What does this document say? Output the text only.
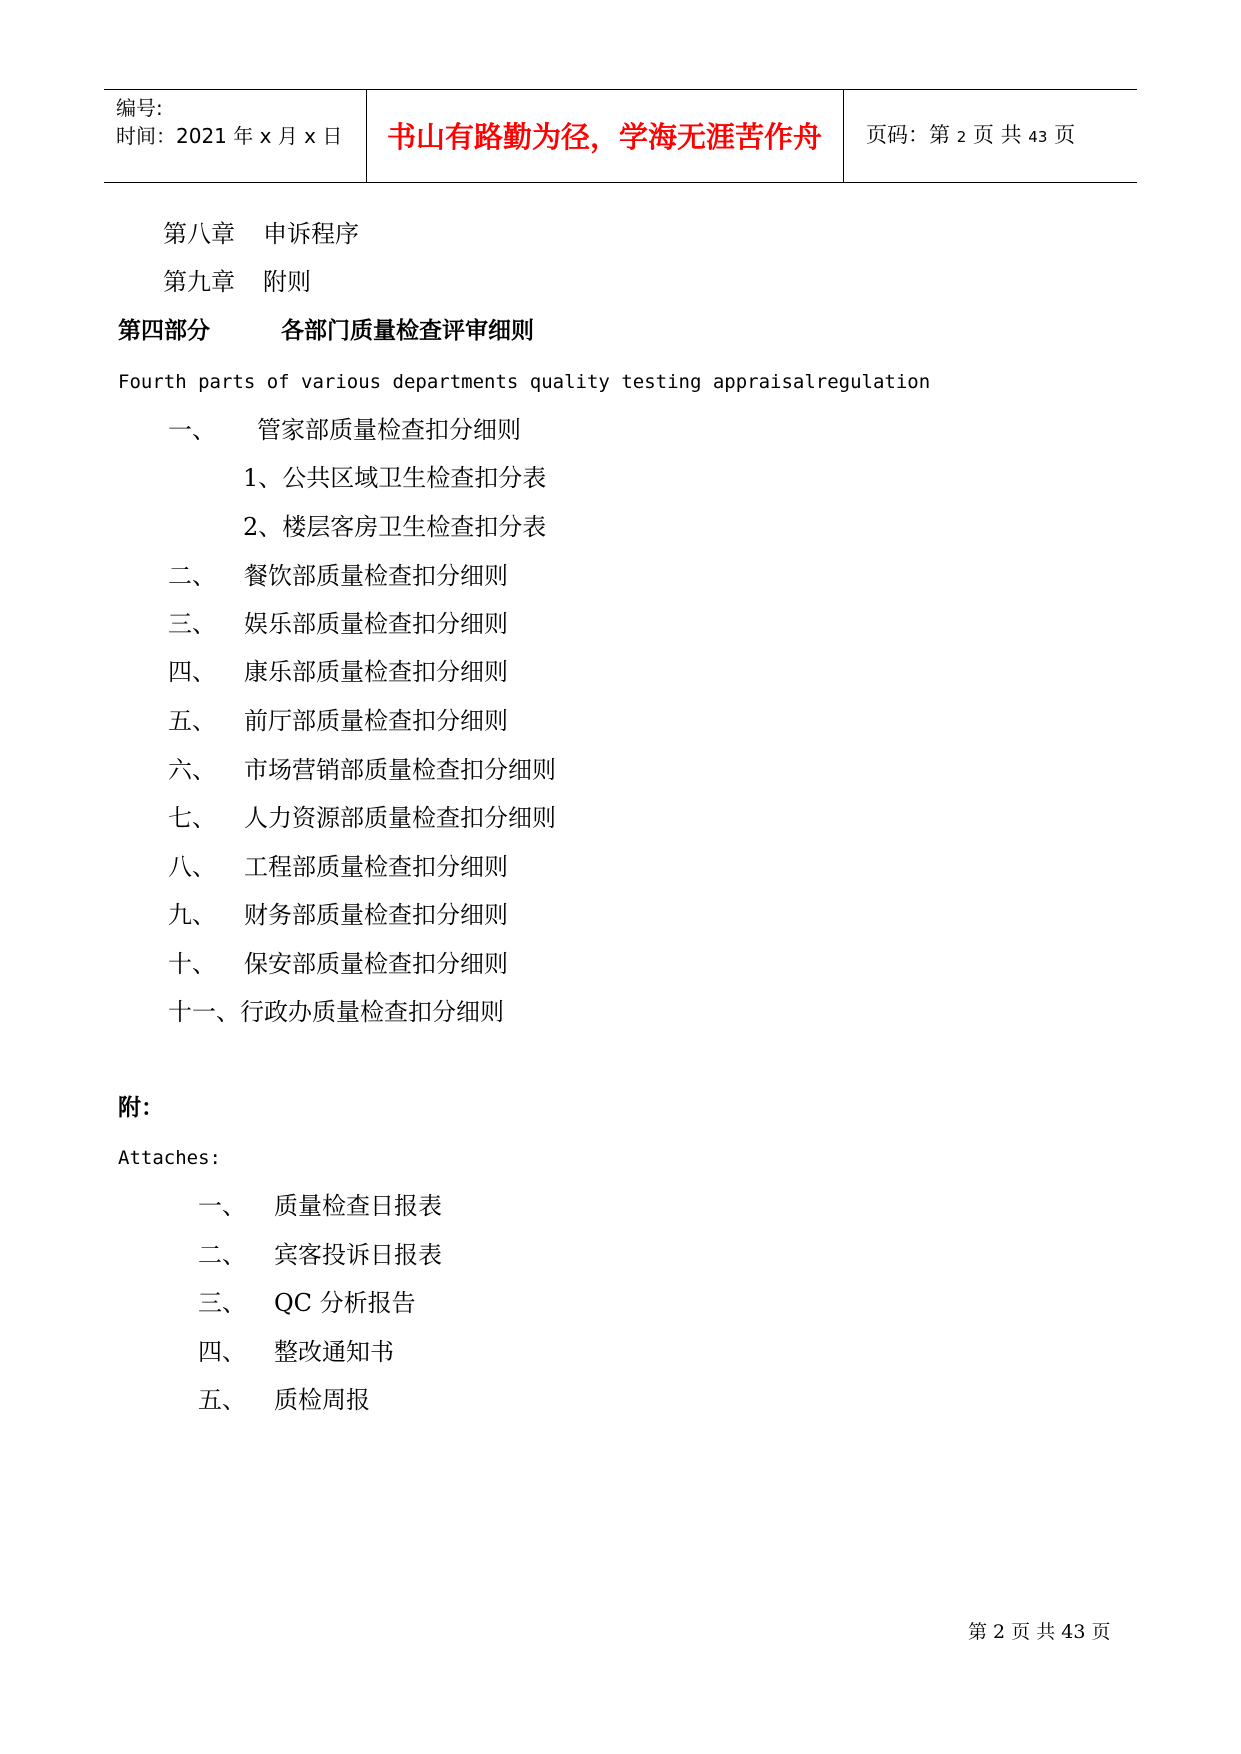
编号:
时间：2021 年 x 月 x 日	书山有路勤为径，学海无涯苦作舟	页码：第 2 页 共 43 页
第八章 申诉程序
第九章 附则
第四部分	各部门质量检查评审细则
Fourth parts of various departments quality testing appraisalregulation
一、 管家部质量检查扣分细则
1、公共区域卫生检查扣分表
2、楼层客房卫生检查扣分表
二、 餐饮部质量检查扣分细则
三、 娱乐部质量检查扣分细则
四、 康乐部质量检查扣分细则
五、 前厅部质量检查扣分细则
六、 市场营销部质量检查扣分细则
七、 人力资源部质量检查扣分细则
八、 工程部质量检查扣分细则
九、 财务部质量检查扣分细则
十、 保安部质量检查扣分细则
十一、行政办质量检查扣分细则
附：
Attaches:
一、 质量检查日报表
二、 宾客投诉日报表
三、 QC 分析报告
四、 整改通知书
五、 质检周报
第 2 页 共 43 页
